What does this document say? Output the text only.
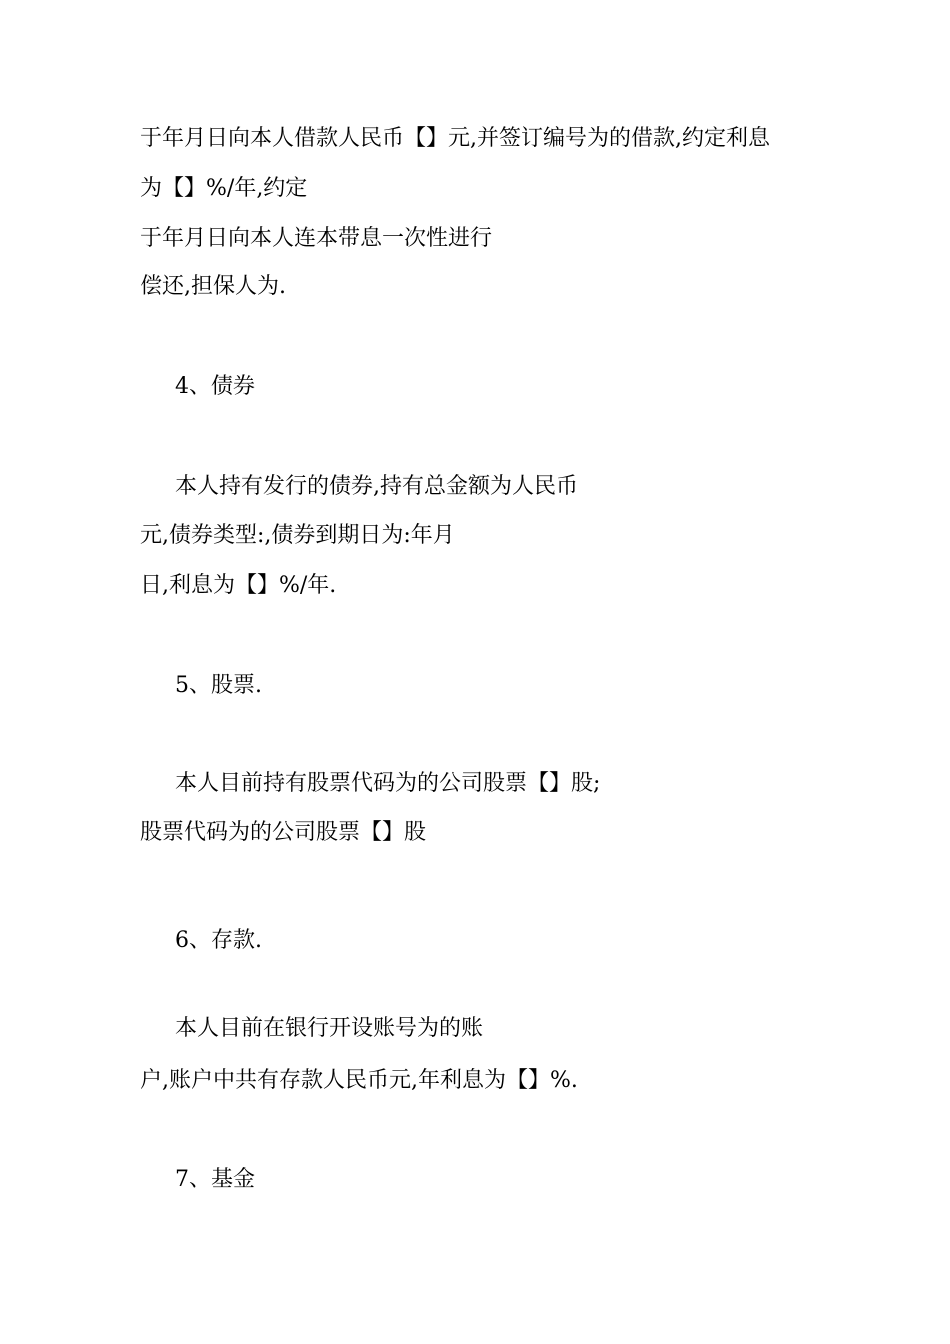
于年月日向本人借款人民币【】元,并签订编号为的借款,约定利息

为【】%/年,约定

于年月日向本人连本带息一次性进行

偿还,担保人为.

4、债券

本人持有发行的债券,持有总金额为人民币

元,债券类型:,债券到期日为:年月

日,利息为【】%/年.

5、股票.

本人目前持有股票代码为的公司股票【】股;

股票代码为的公司股票【】股

6、存款.

本人目前在银行开设账号为的账

户,账户中共有存款人民币元,年利息为【】%.

7、基金
